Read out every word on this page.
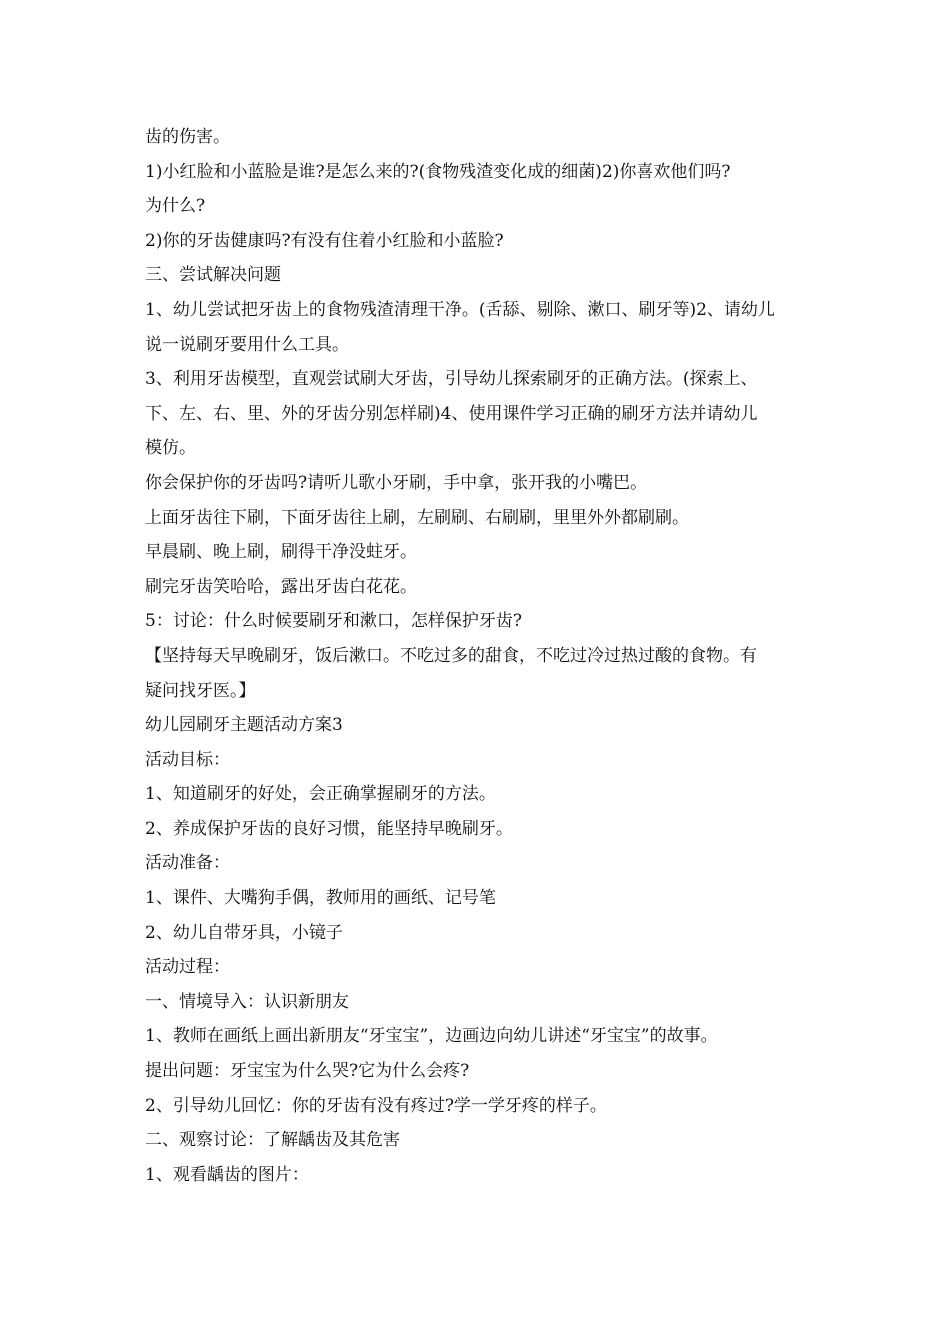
齿的伤害。
1)小红脸和小蓝脸是谁?是怎么来的?(食物残渣变化成的细菌)2)你喜欢他们吗?
为什么?
2)你的牙齿健康吗?有没有住着小红脸和小蓝脸?
三、尝试解决问题
1、幼儿尝试把牙齿上的食物残渣清理干净。(舌舔、剔除、漱口、刷牙等)2、请幼儿
说一说刷牙要用什么工具。
3、利用牙齿模型，直观尝试刷大牙齿，引导幼儿探索刷牙的正确方法。(探索上、
下、左、右、里、外的牙齿分别怎样刷)4、使用课件学习正确的刷牙方法并请幼儿
模仿。
你会保护你的牙齿吗?请听儿歌小牙刷，手中拿，张开我的小嘴巴。
上面牙齿往下刷，下面牙齿往上刷，左刷刷、右刷刷，里里外外都刷刷。
早晨刷、晚上刷，刷得干净没蛀牙。
刷完牙齿笑哈哈，露出牙齿白花花。
5：讨论：什么时候要刷牙和漱口，怎样保护牙齿?
【坚持每天早晚刷牙，饭后漱口。不吃过多的甜食，不吃过冷过热过酸的食物。有
疑问找牙医。】
幼儿园刷牙主题活动方案3
活动目标：
1、知道刷牙的好处，会正确掌握刷牙的方法。
2、养成保护牙齿的良好习惯，能坚持早晚刷牙。
活动准备：
1、课件、大嘴狗手偶，教师用的画纸、记号笔
2、幼儿自带牙具，小镜子
活动过程：
一、情境导入：认识新朋友
1、教师在画纸上画出新朋友“牙宝宝”，边画边向幼儿讲述“牙宝宝”的故事。
提出问题：牙宝宝为什么哭?它为什么会疼?
2、引导幼儿回忆：你的牙齿有没有疼过?学一学牙疼的样子。
二、观察讨论：了解龋齿及其危害
1、观看龋齿的图片：
